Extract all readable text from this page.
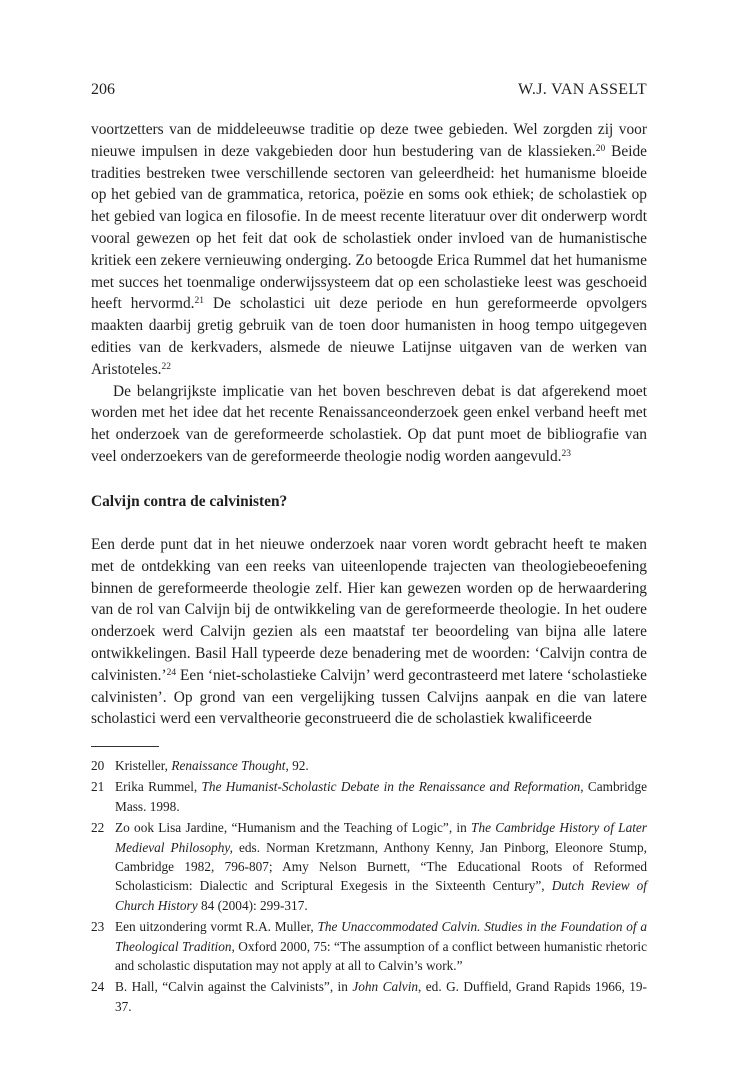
206	W.J. VAN ASSELT

voortzetters van de middeleeuwse traditie op deze twee gebieden. Wel zorgden zij voor nieuwe impulsen in deze vakgebieden door hun bestudering van de klassieken.$^{20}$ Beide tradities bestreken twee verschillende sectoren van geleerdheid: het humanisme bloeide op het gebied van de grammatica, retorica, poëzie en soms ook ethiek; de scholastiek op het gebied van logica en filosofie. In de meest recente literatuur over dit onderwerp wordt vooral gewezen op het feit dat ook de scholastiek onder invloed van de humanistische kritiek een zekere vernieuwing onderging. Zo betoogde Erica Rummel dat het humanisme met succes het toenmalige onderwijssysteem dat op een scholastieke leest was geschoeid heeft hervormd.$^{21}$ De scholastici uit deze periode en hun gereformeerde opvolgers maakten daarbij gretig gebruik van de toen door humanisten in hoog tempo uitgegeven edities van de kerkvaders, alsmede de nieuwe Latijnse uitgaven van de werken van Aristoteles.$^{22}$

De belangrijkste implicatie van het boven beschreven debat is dat afgerekend moet worden met het idee dat het recente Renaissanceonderzoek geen enkel verband heeft met het onderzoek van de gereformeerde scholastiek. Op dat punt moet de bibliografie van veel onderzoekers van de gereformeerde theologie nodig worden aangevuld.$^{23}$

Calvijn contra de calvinisten?

Een derde punt dat in het nieuwe onderzoek naar voren wordt gebracht heeft te maken met de ontdekking van een reeks van uiteenlopende trajecten van theologiebeoefening binnen de gereformeerde theologie zelf. Hier kan gewezen worden op de herwaardering van de rol van Calvijn bij de ontwikkeling van de gereformeerde theologie. In het oudere onderzoek werd Calvijn gezien als een maatstaf ter beoordeling van bijna alle latere ontwikkelingen. Basil Hall typeerde deze benadering met de woorden: ‘Calvijn contra de calvinisten.’$^{24}$ Een ‘niet-scholastieke Calvijn’ werd gecontrasteerd met latere ‘scholastieke calvinisten’. Op grond van een vergelijking tussen Calvijns aanpak en die van latere scholastici werd een vervaltheorie geconstrueerd die de scholastiek kwalificeerde

20 Kristeller, Renaissance Thought, 92.
21 Erika Rummel, The Humanist-Scholastic Debate in the Renaissance and Reformation, Cambridge Mass. 1998.
22 Zo ook Lisa Jardine, “Humanism and the Teaching of Logic”, in The Cambridge History of Later Medieval Philosophy, eds. Norman Kretzmann, Anthony Kenny, Jan Pinborg, Eleonore Stump, Cambridge 1982, 796-807; Amy Nelson Burnett, “The Educational Roots of Reformed Scholasticism: Dialectic and Scriptural Exegesis in the Sixteenth Century”, Dutch Review of Church History 84 (2004): 299-317.
23 Een uitzondering vormt R.A. Muller, The Unaccommodated Calvin. Studies in the Foundation of a Theological Tradition, Oxford 2000, 75: “The assumption of a conflict between humanistic rhetoric and scholastic disputation may not apply at all to Calvin’s work.”
24 B. Hall, “Calvin against the Calvinists”, in John Calvin, ed. G. Duffield, Grand Rapids 1966, 19-37.
